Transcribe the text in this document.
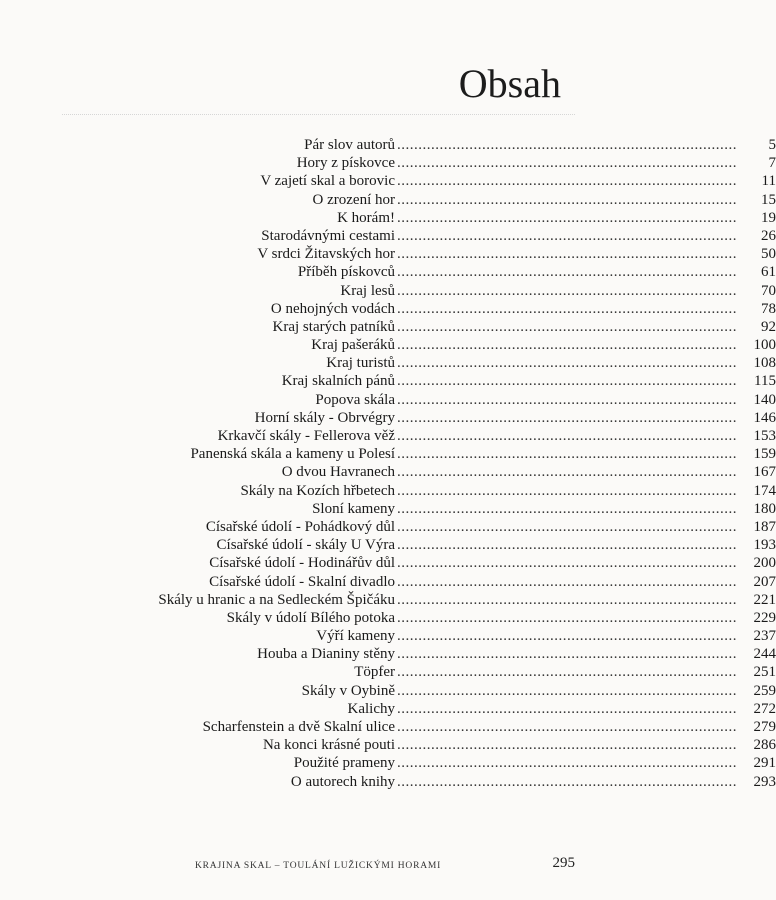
Obsah
Pár slov autorů ................................................................................	5
Hory z pískovce ................................................................................	7
V zajetí skal a borovic ................................................................................	11
O zrození hor ................................................................................	15
K horám! ................................................................................	19
Starodávnými cestami ................................................................................	26
V srdci Žitavských hor ................................................................................	50
Příběh pískovců ................................................................................	61
Kraj lesů ................................................................................	70
O nehojných vodách ................................................................................	78
Kraj starých patníků ................................................................................	92
Kraj pašeráků ................................................................................	100
Kraj turistů ................................................................................	108
Kraj skalních pánů ................................................................................	115
Popova skála ................................................................................	140
Horní skály - Obrvégry ................................................................................	146
Krkavčí skály - Fellerova věž ................................................................................	153
Panenská skála a kameny u Polesí ................................................................................	159
O dvou Havranech ................................................................................	167
Skály na Kozích hřbetech ................................................................................	174
Sloní kameny ................................................................................	180
Císařské údolí - Pohádkový důl ................................................................................	187
Císařské údolí - skály U Výra ................................................................................	193
Císařské údolí - Hodinářův důl ................................................................................	200
Císařské údolí - Skalní divadlo ................................................................................	207
Skály u hranic a na Sedleckém Špičáku ................................................................................	221
Skály v údolí Bílého potoka ................................................................................	229
Výří kameny ................................................................................	237
Houba a Dianiny stěny ................................................................................	244
Töpfer ................................................................................	251
Skály v Oybině ................................................................................	259
Kalichy ................................................................................	272
Scharfenstein a dvě Skalní ulice ................................................................................	279
Na konci krásné pouti ................................................................................	286
Použité prameny ................................................................................	291
O autorech knihy ................................................................................	293
KRAJINA SKAL – TOULÁNÍ LUŽICKÝMI HORAMI	295
